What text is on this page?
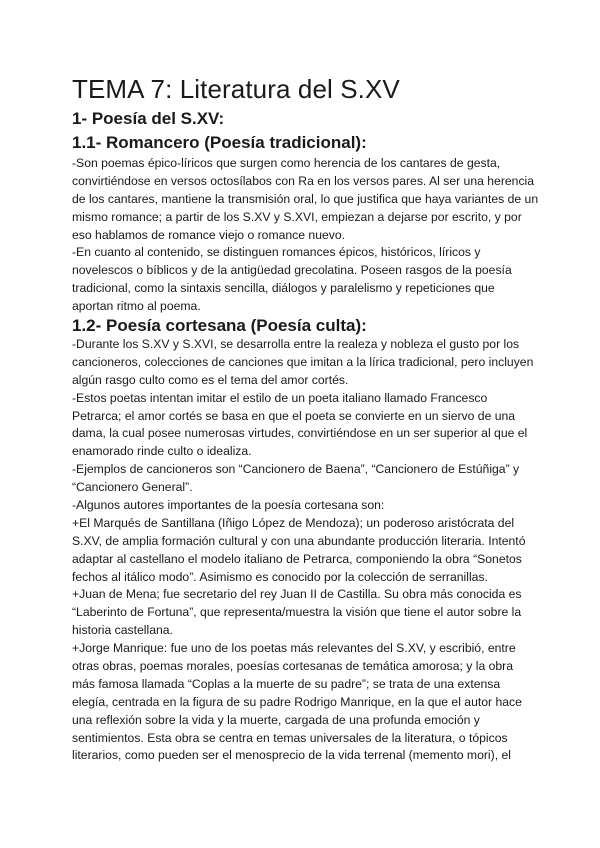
TEMA 7: Literatura del S.XV
1- Poesía del S.XV:
1.1- Romancero (Poesía tradicional):
-Son poemas épico-líricos que surgen como herencia de los cantares de gesta,
convirtiéndose en versos octosílabos con Ra en los versos pares. Al ser una herencia
de los cantares, mantiene la transmisión oral, lo que justifica que haya variantes de un
mismo romance; a partir de los S.XV y S.XVI, empiezan a dejarse por escrito, y por
eso hablamos de romance viejo o romance nuevo.
-En cuanto al contenido, se distinguen romances épicos, históricos, líricos y
novelescos o bíblicos y de la antigüedad grecolatina. Poseen rasgos de la poesía
tradicional, como la sintaxis sencilla, diálogos y paralelismo y repeticiones que
aportan ritmo al poema.
1.2- Poesía cortesana (Poesía culta):
-Durante los S.XV y S.XVI, se desarrolla entre la realeza y nobleza el gusto por los
cancioneros, colecciones de canciones que imitan a la lírica tradicional, pero incluyen
algún rasgo culto como es el tema del amor cortés.
-Estos poetas intentan imitar el estilo de un poeta italiano llamado Francesco
Petrarca; el amor cortés se basa en que el poeta se convierte en un siervo de una
dama, la cual posee numerosas virtudes, convirtiéndose en un ser superior al que el
enamorado rinde culto o idealiza.
-Ejemplos de cancioneros son “Cancionero de Baena”, “Cancionero de Estúñiga” y
“Cancionero General”.
-Algunos autores importantes de la poesía cortesana son:
+El Marqués de Santillana (Iñigo López de Mendoza); un poderoso aristócrata del
S.XV, de amplia formación cultural y con una abundante producción literaria. Intentó
adaptar al castellano el modelo italiano de Petrarca, componiendo la obra “Sonetos
fechos al itálico modo”. Asimismo es conocido por la colección de serranillas.
+Juan de Mena; fue secretario del rey Juan II de Castilla. Su obra más conocida es
“Laberinto de Fortuna”, que representa/muestra la visión que tiene el autor sobre la
historia castellana.
+Jorge Manrique: fue uno de los poetas más relevantes del S.XV, y escribió, entre
otras obras, poemas morales, poesías cortesanas de temática amorosa; y la obra
más famosa llamada “Coplas a la muerte de su padre”; se trata de una extensa
elegía, centrada en la figura de su padre Rodrigo Manrique, en la que el autor hace
una reflexión sobre la vida y la muerte, cargada de una profunda emoción y
sentimientos. Esta obra se centra en temas universales de la literatura, o tópicos
literarios, como pueden ser el menosprecio de la vida terrenal (memento mori), el
